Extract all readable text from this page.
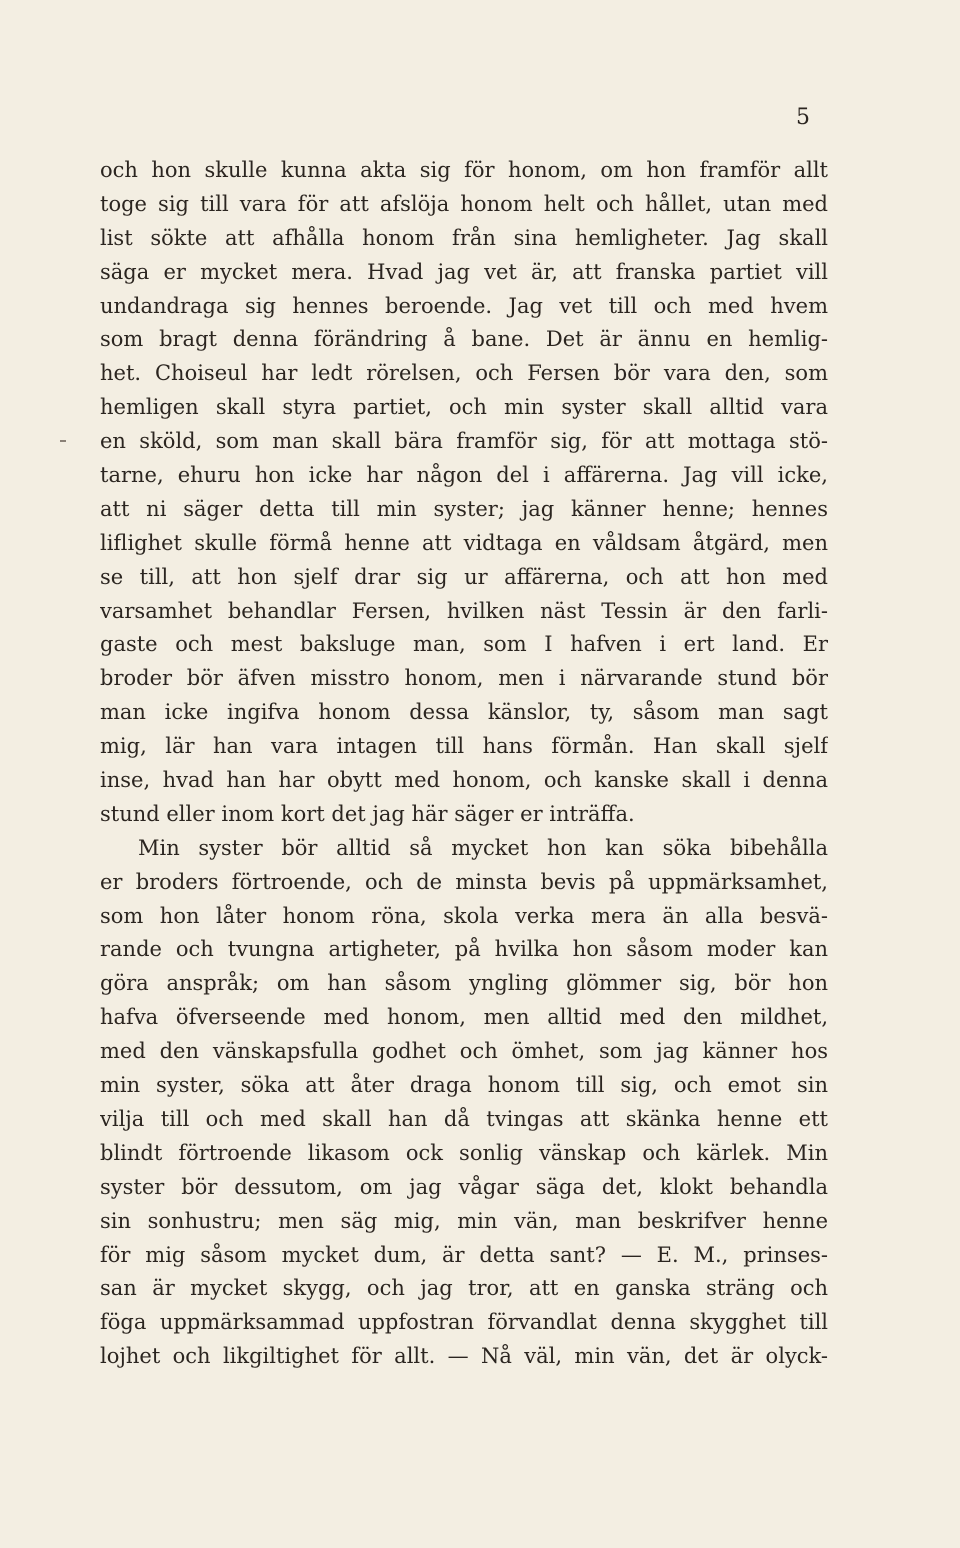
5
och hon skulle kunna akta sig för honom, om hon framför allt
toge sig till vara för att afslöja honom helt och hållet, utan med
list sökte att afhålla honom från sina hemligheter. Jag skall
säga er mycket mera. Hvad jag vet är, att franska partiet vill
undandraga sig hennes beroende. Jag vet till och med hvem
som bragt denna förändring å bane. Det är ännu en hemlig-
het. Choiseul har ledt rörelsen, och Fersen bör vara den, som
hemligen skall styra partiet, och min syster skall alltid vara
en sköld, som man skall bära framför sig, för att mottaga stö-
tarne, ehuru hon icke har någon del i affärerna. Jag vill icke,
att ni säger detta till min syster; jag känner henne; hennes
liflighet skulle förmå henne att vidtaga en våldsam åtgärd, men
se till, att hon sjelf drar sig ur affärerna, och att hon med
varsamhet behandlar Fersen, hvilken näst Tessin är den farli-
gaste och mest baksluge man, som I hafven i ert land. Er
broder bör äfven misstro honom, men i närvarande stund bör
man icke ingifva honom dessa känslor, ty, såsom man sagt
mig, lär han vara intagen till hans förmån. Han skall sjelf
inse, hvad han har obytt med honom, och kanske skall i denna
stund eller inom kort det jag här säger er inträffa.
Min syster bör alltid så mycket hon kan söka bibehålla
er broders förtroende, och de minsta bevis på uppmärksamhet,
som hon låter honom röna, skola verka mera än alla besvä-
rande och tvungna artigheter, på hvilka hon såsom moder kan
göra anspråk; om han såsom yngling glömmer sig, bör hon
hafva öfverseende med honom, men alltid med den mildhet,
med den vänskapsfulla godhet och ömhet, som jag känner hos
min syster, söka att åter draga honom till sig, och emot sin
vilja till och med skall han då tvingas att skänka henne ett
blindt förtroende likasom ock sonlig vänskap och kärlek. Min
syster bör dessutom, om jag vågar säga det, klokt behandla
sin sonhustru; men säg mig, min vän, man beskrifver henne
för mig såsom mycket dum, är detta sant? — E. M., prinses-
san är mycket skygg, och jag tror, att en ganska sträng och
föga uppmärksammad uppfostran förvandlat denna skygghet till
lojhet och likgiltighet för allt. — Nå väl, min vän, det är olyck-
